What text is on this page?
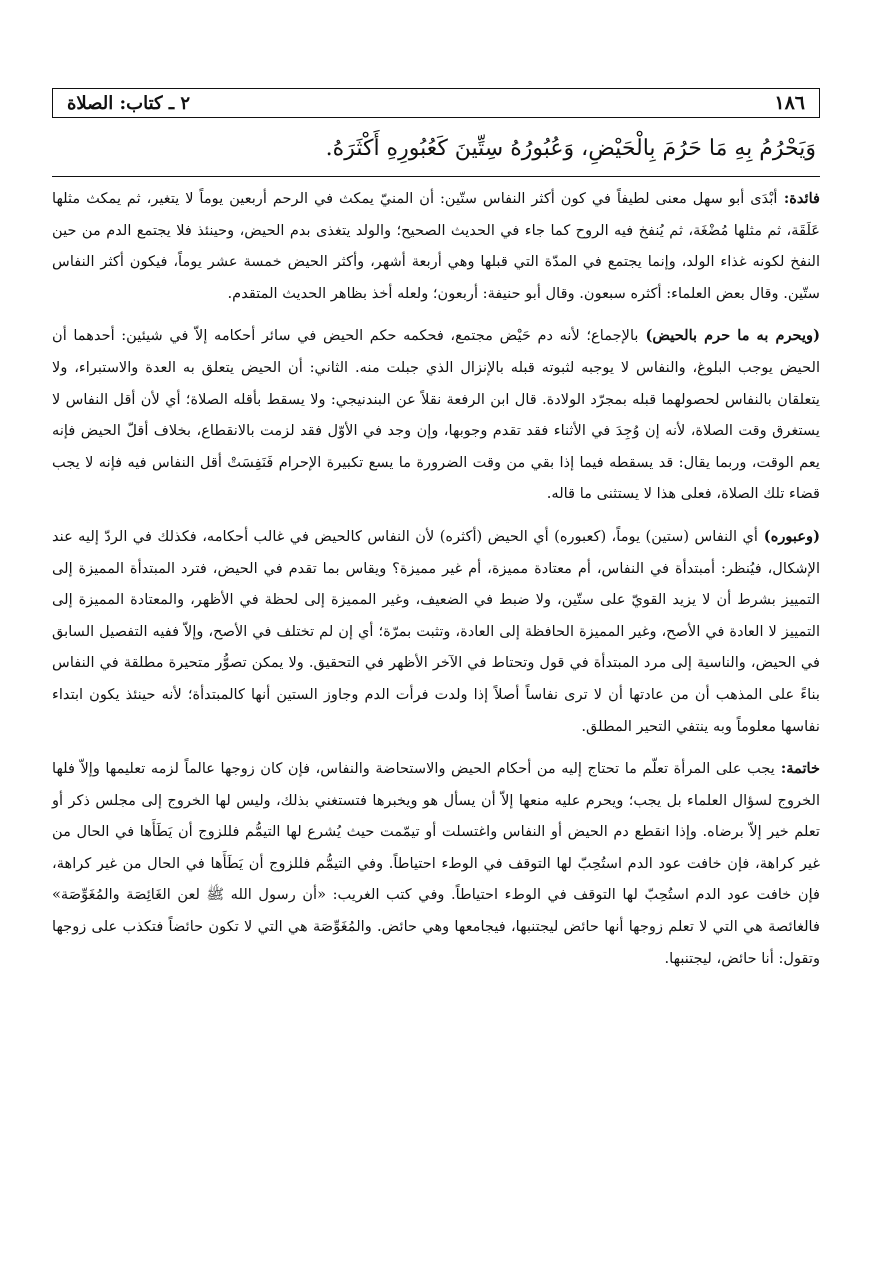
١٨٦
٢ ـ كتاب: الصلاة
وَيَحْرُمُ بِهِ مَا حَرُمَ بِالْحَيْضِ، وَعُبُورُهُ سِتِّينَ كَعُبُورِهِ أَكْثَرَهُ.

فائدة: أبْدَى أبو سهل معنى لطيفاً في كون أكثر النفاس ستّين: أن المنيّ يمكث في الرحم أربعين يوماً لا يتغير، ثم يمكث مثلها عَلَقَة، ثم مثلها مُضْغَة، ثم يُنفخ فيه الروح كما جاء في الحديث الصحيح؛ والولد يتغذى بدم الحيض، وحينئذ فلا يجتمع الدم من حين النفخ لكونه غذاء الولد، وإنما يجتمع في المدّة التي قبلها وهي أربعة أشهر، وأكثر الحيض خمسة عشر يوماً، فيكون أكثر النفاس ستّين. وقال بعض العلماء: أكثره سبعون. وقال أبو حنيفة: أربعون؛ ولعله أخذ بظاهر الحديث المتقدم.

(ويحرم به ما حرم بالحيض) بالإجماع؛ لأنه دم حَيْض مجتمع، فحكمه حكم الحيض في سائر أحكامه إلاّ في شيئين: أحدهما أن الحيض يوجب البلوغ، والنفاس لا يوجبه لثبوته قبله بالإنزال الذي جبلت منه. الثاني: أن الحيض يتعلق به العدة والاستبراء، ولا يتعلقان بالنفاس لحصولهما قبله بمجرّد الولادة. قال ابن الرفعة نقلاً عن البندنيجي: ولا يسقط بأقله الصلاة؛ أي لأن أقل النفاس لا يستغرق وقت الصلاة، لأنه إن وُجِدَ في الأثناء فقد تقدم وجوبها، وإن وجد في الأوّل فقد لزمت بالانقطاع، بخلاف أقلّ الحيض فإنه يعم الوقت، وربما يقال: قد يسقطه فيما إذا بقي من وقت الضرورة ما يسع تكبيرة الإحرام فَنَفِسَتْ أقل النفاس فيه فإنه لا يجب قضاء تلك الصلاة، فعلى هذا لا يستثنى ما قاله.

(وعبوره) أي النفاس (ستين) يوماً، (كعبوره) أي الحيض (أكثره) لأن النفاس كالحيض في غالب أحكامه، فكذلك في الردّ إليه عند الإشكال، فيُنظر: أمبتدأة في النفاس، أم معتادة مميزة، أم غير مميزة؟ ويقاس بما تقدم في الحيض، فترد المبتدأة المميزة إلى التمييز بشرط أن لا يزيد القويّ على ستّين، ولا ضبط في الضعيف، وغير المميزة إلى لحظة في الأظهر، والمعتادة المميزة إلى التمييز لا العادة في الأصح، وغير المميزة الحافظة إلى العادة، وتثبت بمرّة؛ أي إن لم تختلف في الأصح، وإلاّ ففيه التفصيل السابق في الحيض، والناسية إلى مرد المبتدأة في قول وتحتاط في الآخر الأظهر في التحقيق. ولا يمكن تصوُّر متحيرة مطلقة في النفاس بناءً على المذهب أن من عادتها أن لا ترى نفاساً أصلاً إذا ولدت فرأت الدم وجاوز الستين أنها كالمبتدأة؛ لأنه حينئذ يكون ابتداء نفاسها معلوماً وبه ينتفي التحير المطلق.

خاتمة: يجب على المرأة تعلّم ما تحتاج إليه من أحكام الحيض والاستحاضة والنفاس، فإن كان زوجها عالماً لزمه تعليمها وإلاّ فلها الخروج لسؤال العلماء بل يجب؛ ويحرم عليه منعها إلاّ أن يسأل هو ويخبرها فتستغني بذلك، وليس لها الخروج إلى مجلس ذكر أو تعلم خير إلاّ برضاه. وإذا انقطع دم الحيض أو النفاس واغتسلت أو تيمّمت حيث يُشرع لها التيمُّم فللزوج أن يَطَأَها في الحال من غير كراهة، فإن خافت عود الدم استُحِبّ لها التوقف في الوطء احتياطاً. وفي التيمُّم فللزوج أن يَطَأَها في الحال من غير كراهة، فإن خافت عود الدم استُحِبّ لها التوقف في الوطء احتياطاً. وفي كتب الغريب: «أن رسول الله ﷺ لعن الغَائِصَة والمُغَوِّصَة» فالغائصة هي التي لا تعلم زوجها أنها حائض ليجتنبها، فيجامعها وهي حائض. والمُغَوِّصَة هي التي لا تكون حائضاً فتكذب على زوجها وتقول: أنا حائض، ليجتنبها.
